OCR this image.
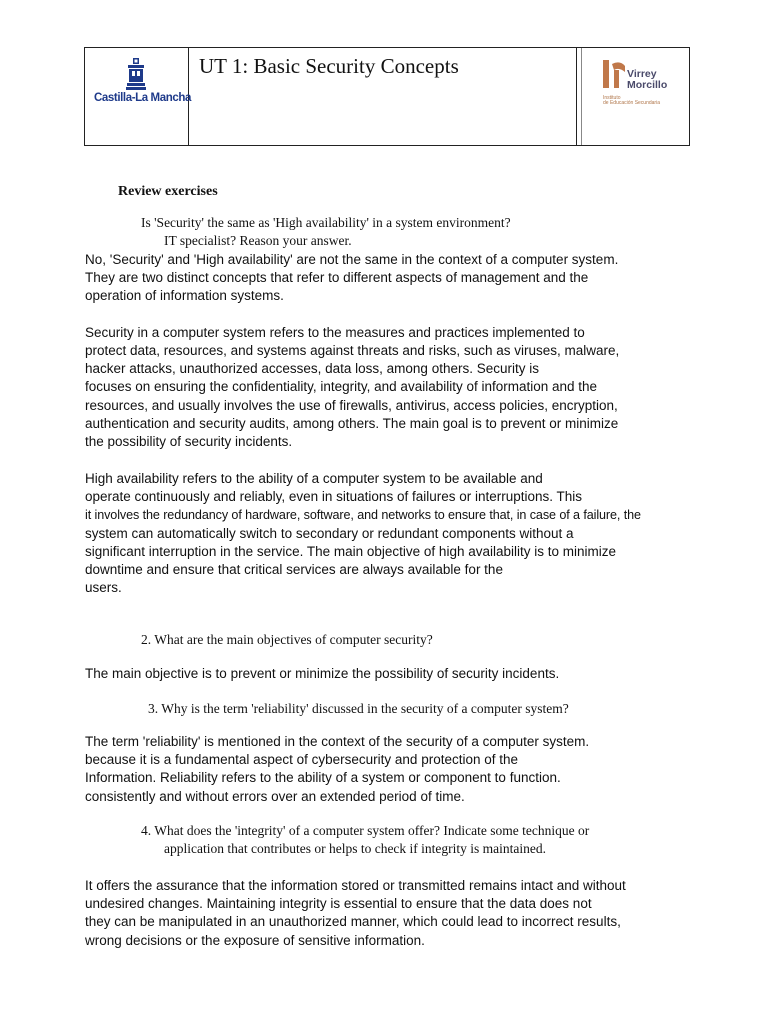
Castilla-La Mancha
UT 1: Basic Security Concepts	Virrey
Morcillo
Instituto
de Educación Secundaria
Review exercises
Is 'Security' the same as 'High availability' in a system environment?
IT specialist? Reason your answer.
No, 'Security' and 'High availability' are not the same in the context of a computer system.
They are two distinct concepts that refer to different aspects of management and the
operation of information systems.
Security in a computer system refers to the measures and practices implemented to
protect data, resources, and systems against threats and risks, such as viruses, malware,
hacker attacks, unauthorized accesses, data loss, among others. Security is
focuses on ensuring the confidentiality, integrity, and availability of information and the
resources, and usually involves the use of firewalls, antivirus, access policies, encryption,
authentication and security audits, among others. The main goal is to prevent or minimize
the possibility of security incidents.
High availability refers to the ability of a computer system to be available and
operate continuously and reliably, even in situations of failures or interruptions. This
it involves the redundancy of hardware, software, and networks to ensure that, in case of a failure, the
system can automatically switch to secondary or redundant components without a
significant interruption in the service. The main objective of high availability is to minimize
downtime and ensure that critical services are always available for the
users.
2. What are the main objectives of computer security?
The main objective is to prevent or minimize the possibility of security incidents.
3. Why is the term 'reliability' discussed in the security of a computer system?
The term 'reliability' is mentioned in the context of the security of a computer system.
because it is a fundamental aspect of cybersecurity and protection of the
Information. Reliability refers to the ability of a system or component to function.
consistently and without errors over an extended period of time.
4. What does the 'integrity' of a computer system offer? Indicate some technique or
application that contributes or helps to check if integrity is maintained.
It offers the assurance that the information stored or transmitted remains intact and without
undesired changes. Maintaining integrity is essential to ensure that the data does not
they can be manipulated in an unauthorized manner, which could lead to incorrect results,
wrong decisions or the exposure of sensitive information.
